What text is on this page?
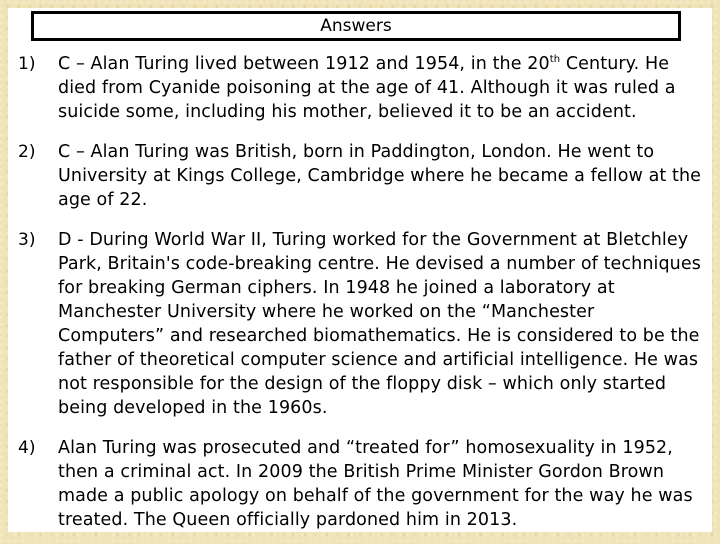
Answers
1) C – Alan Turing lived between 1912 and 1954, in the 20th Century. He died from Cyanide poisoning at the age of 41. Although it was ruled a suicide some, including his mother, believed it to be an accident.
2) C – Alan Turing was British, born in Paddington, London. He went to University at Kings College, Cambridge where he became a fellow at the age of 22.
3) D - During World War II, Turing worked for the Government at Bletchley Park, Britain's code-breaking centre. He devised a number of techniques for breaking German ciphers. In 1948 he joined a laboratory at Manchester University where he worked on the “Manchester Computers” and researched biomathematics. He is considered to be the father of theoretical computer science and artificial intelligence. He was not responsible for the design of the floppy disk – which only started being developed in the 1960s.
4) Alan Turing was prosecuted and “treated for” homosexuality in 1952, then a criminal act. In 2009 the British Prime Minister Gordon Brown made a public apology on behalf of the government for the way he was treated. The Queen officially pardoned him in 2013.
